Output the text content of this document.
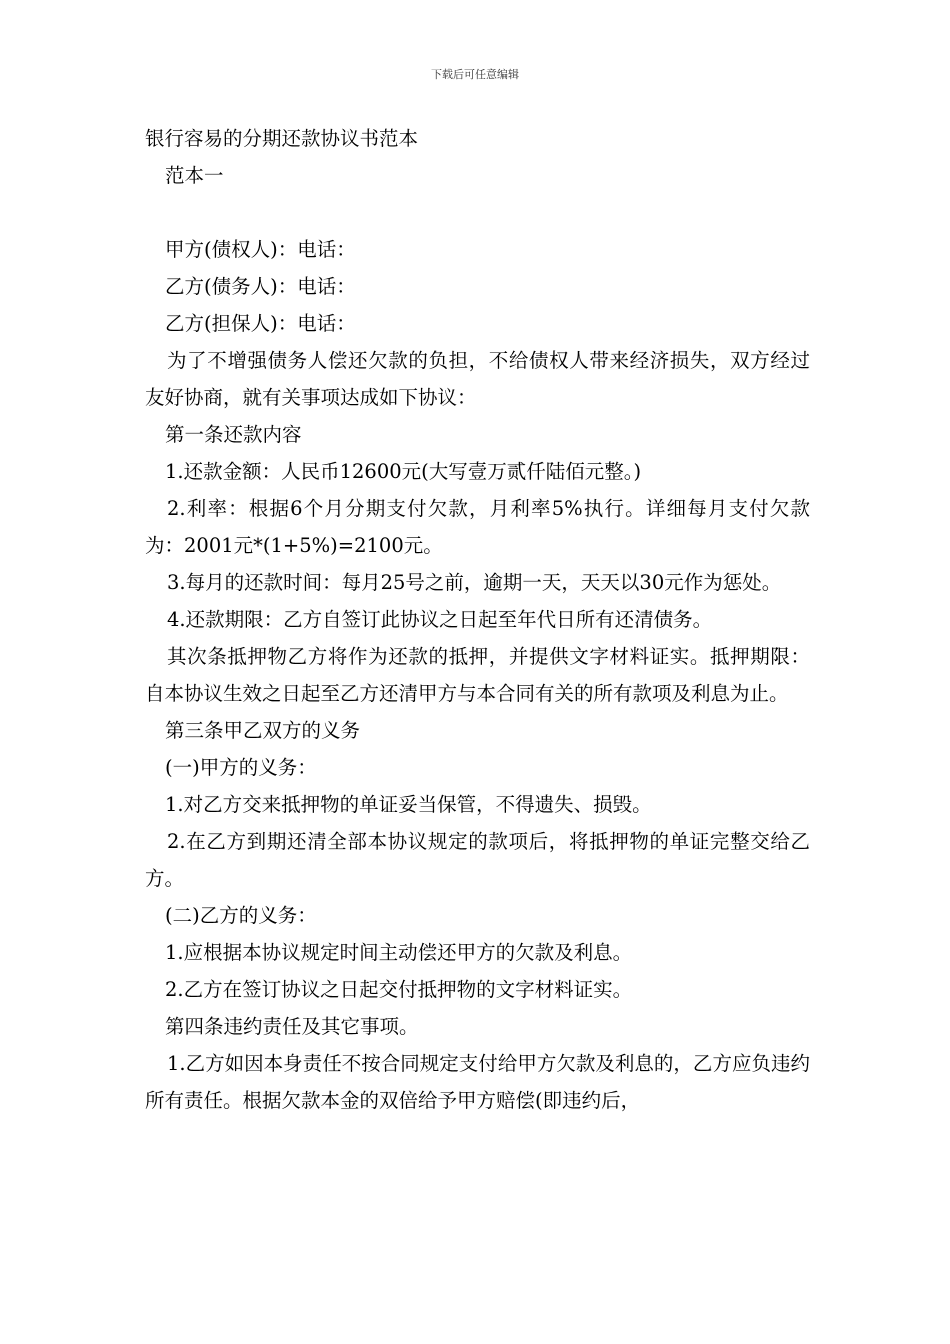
下载后可任意编辑

银行容易的分期还款协议书范本

范本一

甲方(债权人)：电话：

乙方(债务人)：电话：

乙方(担保人)：电话：

为了不增强债务人偿还欠款的负担，不给债权人带来经济损失，双方经过友好协商，就有关事项达成如下协议：

第一条还款内容

1.还款金额：人民币12600元(大写壹万贰仟陆佰元整。)

2.利率：根据6个月分期支付欠款，月利率5%执行。详细每月支付欠款为：2001元*(1+5%)=2100元。

3.每月的还款时间：每月25号之前，逾期一天，天天以30元作为惩处。

4.还款期限：乙方自签订此协议之日起至年代日所有还清债务。

其次条抵押物乙方将作为还款的抵押，并提供文字材料证实。抵押期限：自本协议生效之日起至乙方还清甲方与本合同有关的所有款项及利息为止。

第三条甲乙双方的义务

(一)甲方的义务：

1.对乙方交来抵押物的单证妥当保管，不得遗失、损毁。

2.在乙方到期还清全部本协议规定的款项后，将抵押物的单证完整交给乙方。

(二)乙方的义务：

1.应根据本协议规定时间主动偿还甲方的欠款及利息。

2.乙方在签订协议之日起交付抵押物的文字材料证实。

第四条违约责任及其它事项。

1.乙方如因本身责任不按合同规定支付给甲方欠款及利息的，乙方应负违约所有责任。根据欠款本金的双倍给予甲方赔偿(即违约后，
